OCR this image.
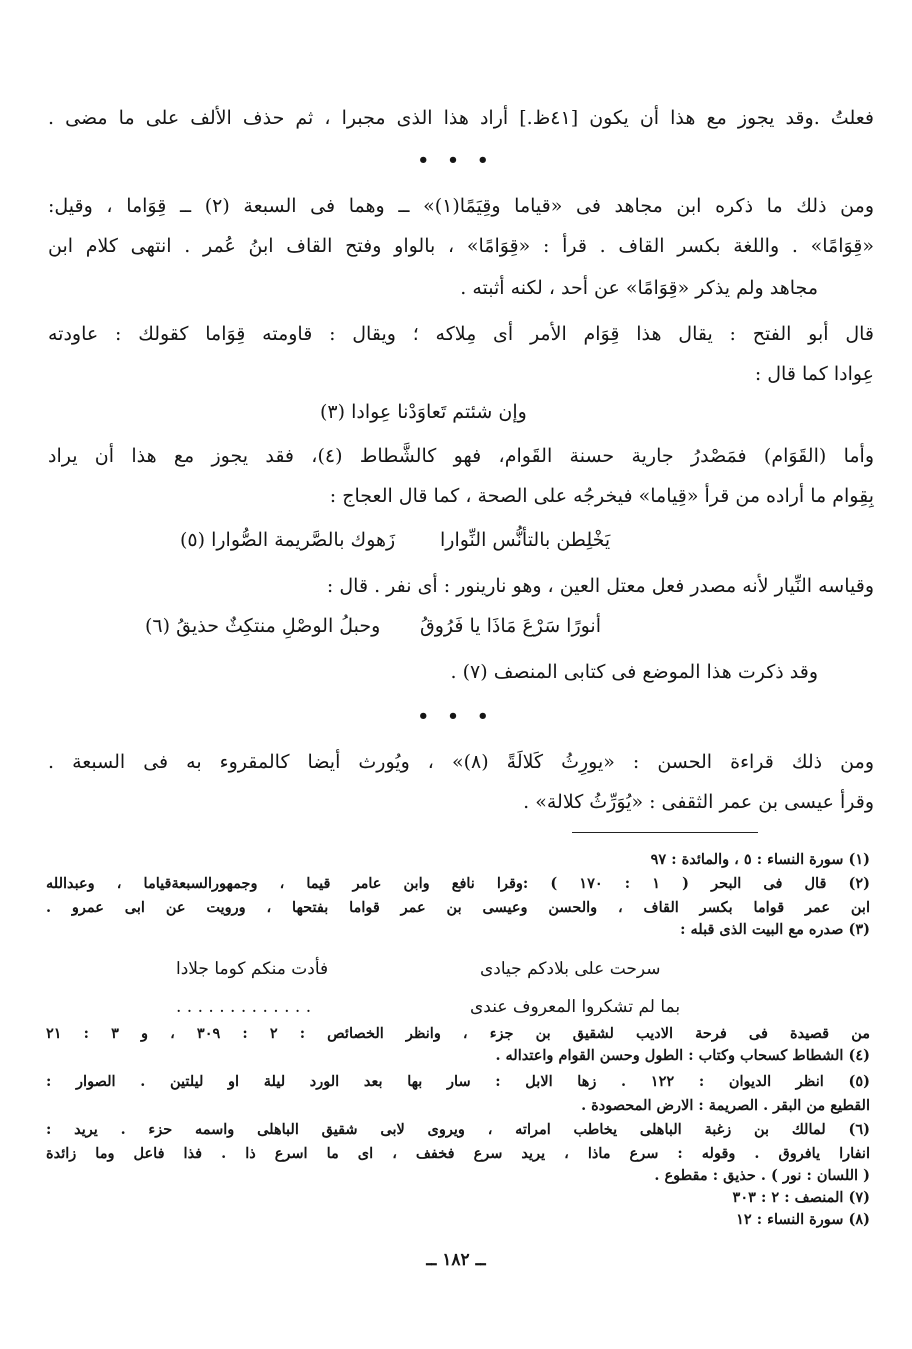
فعلتُ .وقد يجوز مع هذا أن يكون [٤١ظ.] أراد هذا الذى مجبرا ، ثم حذف الألف على ما مضى .
• • •
ومن ذلك ما ذكره ابن مجاهد فى «قياما وقِيَمًا(١)» ــ وهما فى السبعة (٢) ــ قِوَاما ، وقيل:
«قِوَامًا» . واللغة بكسر القاف . قرأ : «قِوَامًا» ، بالواو وفتح القاف ابنُ عُمر . انتهى كلام ابن
مجاهد ولم يذكر «قِوَامًا» عن أحد ، لكنه أثبته .
قال أبو الفتح : يقال هذا قِوَام الأمر أى مِلاكه ؛ ويقال : قاومته قِوَاما كقولك : عاودته
عِوادا كما قال :
وإن شئتم تَعاوَدْنا عِوادا (٣)
وأما (القَوَام) فمَصْدرُ جارية حسنة القَوام، فهو كالشَّطاط (٤)، فقد يجوز مع هذا أن يراد
بِقِوام ما أراده من قرأ «قِياما» فيخرجُه على الصحة ، كما قال العجاج :
يَخْلِطن بالتأنُّس النِّوارا
زَهوك بالصَّريمة الصُّوارا (٥)
وقياسه النِّيار لأنه مصدر فعل معتل العين ، وهو نارينور : أى نفر . قال :
أنورًا سَرْعَ مَاذَا يا فَرُوقُ
وحبلُ الوصْلِ منتكِثٌ حذيقُ (٦)
وقد ذكرت هذا الموضع فى كتابى المنصف (٧) .
• • •
ومن ذلك قراءة الحسن : «يورِثُ كَلالَةً (٨)» ، ويُورث أيضا كالمقروء به فى السبعة .
وقرأ عيسى بن عمر الثقفى : «يُوَرِّثُ كلالة» .
(١) سورة النساء : ٥ ، والمائدة : ٩٧
(٢) قال فى البحر ( ١ : ١٧٠ ) :وقرا نافع وابن عامر قيما ، وجمهورالسبعةقياما ، وعبدالله
ابن عمر قواما بكسر القاف ، والحسن وعيسى بن عمر قواما بفتحها ، ورويت عن ابى عمرو .
(٣) صدره مع البيت الذى قبله :
سرحت على بلادكم جيادى
فأدت منكم كوما جلادا
بما لم تشكروا المعروف عندى
. . . . . . . . . . . . .
من قصيدة فى فرحة الاديب لشقيق بن جزء ، وانظر الخصائص : ٢ : ٣٠٩ ، و ٣ : ٢١
(٤) الشطاط كسحاب وكتاب : الطول وحسن القوام واعتداله .
(٥) انظر الديوان : ١٢٢ . زها الابل : سار بها بعد الورد ليلة او ليلتين . الصوار :
القطيع من البقر . الصريمة : الارض المحصودة .
(٦) لمالك بن زغبة الباهلى يخاطب امراته ، ويروى لابى شقيق الباهلى واسمه حزء . يريد :
انفارا يافروق . وقوله : سرع ماذا ، يريد سرع فخفف ، اى ما اسرع ذا . فذا فاعل وما زائدة
( اللسان : نور ) . حذيق : مقطوع .
(٧) المنصف : ٢ : ٣٠٣
(٨) سورة النساء : ١٢
ــ ١٨٢ ــ
